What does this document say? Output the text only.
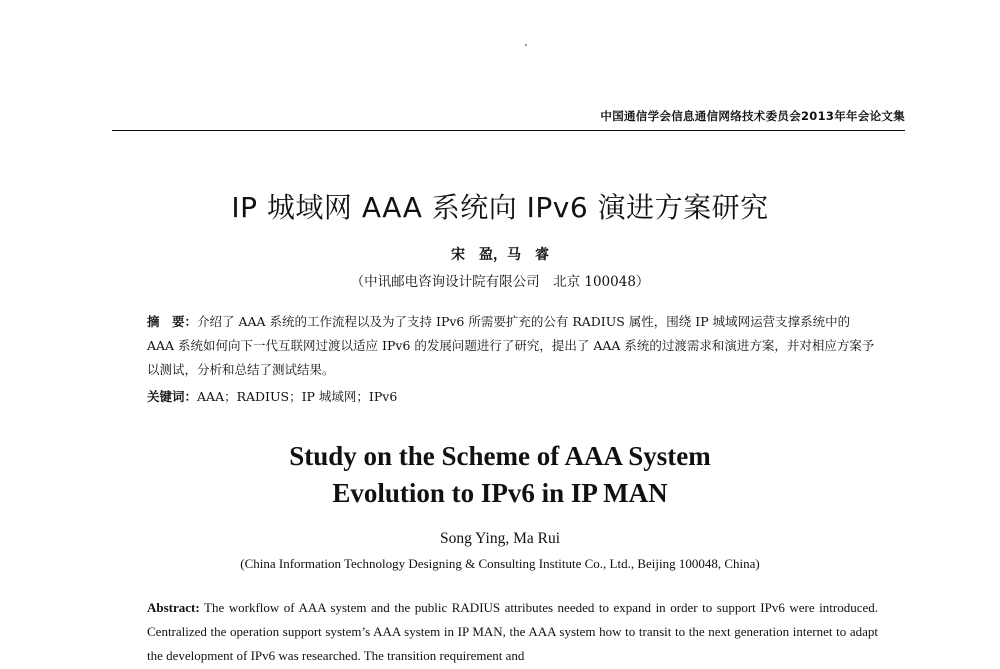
中国通信学会信息通信网络技术委员会2013年年会论文集
IP 城域网 AAA 系统向 IPv6 演进方案研究
宋　盈，马　睿
（中讯邮电咨询设计院有限公司　北京 100048）
摘　要：介绍了 AAA 系统的工作流程以及为了支持 IPv6 所需要扩充的公有 RADIUS 属性，围绕 IP 城域网运营支撑系统中的 AAA 系统如何向下一代互联网过渡以适应 IPv6 的发展问题进行了研究，提出了 AAA 系统的过渡需求和演进方案，并对相应方案予以测试，分析和总结了测试结果。
关键词：AAA；RADIUS；IP 城域网；IPv6
Study on the Scheme of AAA System
Evolution to IPv6 in IP MAN
Song Ying, Ma Rui
(China Information Technology Designing & Consulting Institute Co., Ltd., Beijing 100048, China)
Abstract: The workflow of AAA system and the public RADIUS attributes needed to expand in order to support IPv6 were introduced. Centralized the operation support system’s AAA system in IP MAN, the AAA system how to transit to the next generation internet to adapt the development of IPv6 was researched. The transition requirement and
